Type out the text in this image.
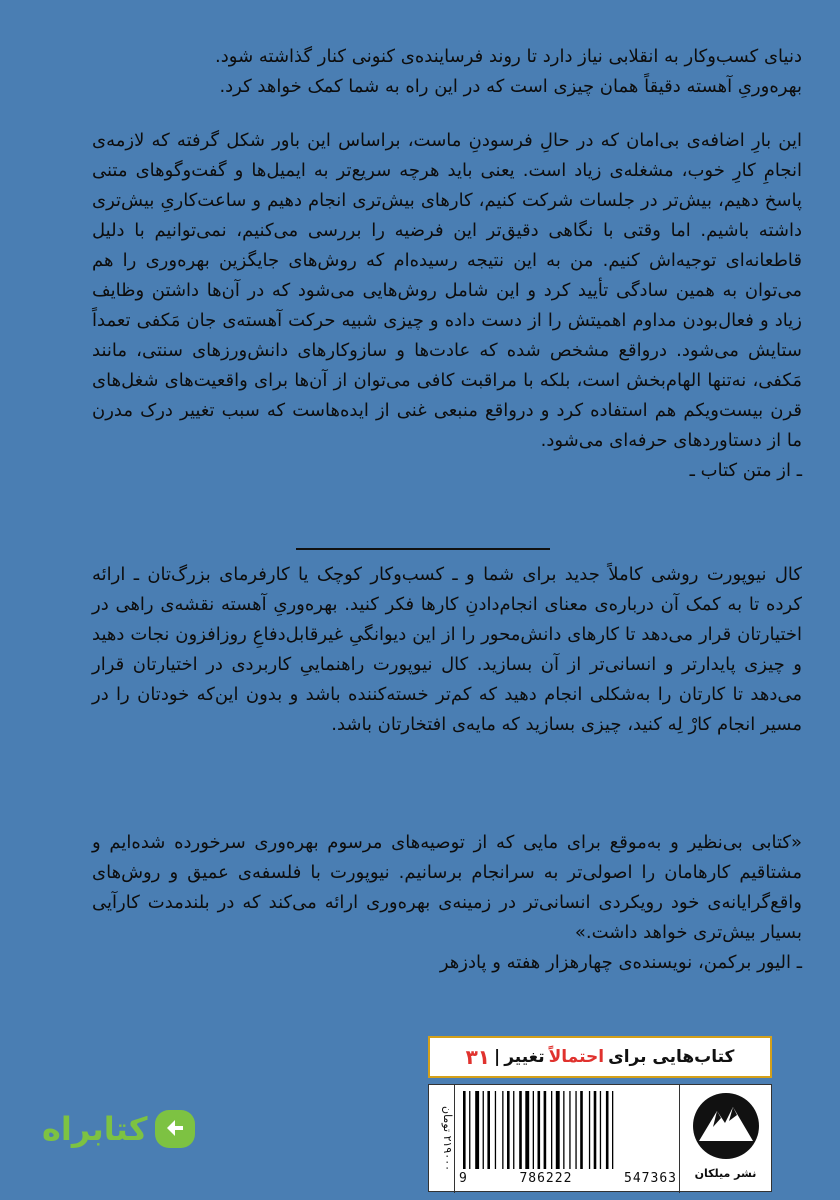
دنیای کسب‌وکار به انقلابی نیاز دارد تا روند فرساینده‌ی کنونی کنار گذاشته شود.
بهره‌وریِ آهسته دقیقاً همان چیزی است که در این راه به شما کمک خواهد کرد.
این بارِ اضافه‌ی بی‌امان که در حالِ فرسودنِ ماست، براساس این باور شکل گرفته که لازمه‌ی انجامِ کارِ خوب، مشغله‌ی زیاد است. یعنی باید هرچه سریع‌تر به ایمیل‌ها و گفت‌وگوهای متنی پاسخ دهیم، بیش‌تر در جلسات شرکت کنیم، کارهای بیش‌تری انجام دهیم و ساعت‌کاریِ بیش‌تری داشته باشیم. اما وقتی با نگاهی دقیق‌تر این فرضیه را بررسی می‌کنیم، نمی‌توانیم با دلیل قاطعانه‌ای توجیه‌اش کنیم. من به این نتیجه رسیده‌ام که روش‌های جایگزین بهره‌وری را هم می‌توان به همین سادگی تأیید کرد و این شامل روش‌هایی می‌شود که در آن‌ها داشتن وظایف زیاد و فعال‌بودن مداوم اهمیتش را از دست داده و چیزی شبیه حرکت آهسته‌ی جان مَکفی تعمداً ستایش می‌شود. درواقع مشخص شده که عادت‌ها و سازوکارهای دانش‌ورزهای سنتی، مانند مَکفی، نه‌تنها الهام‌بخش است، بلکه با مراقبت کافی می‌توان از آن‌ها برای واقعیت‌های شغل‌های قرن بیست‌ویکم هم استفاده کرد و درواقع منبعی غنی از ایده‌هاست که سبب تغییر درک مدرن ما از دستاوردهای حرفه‌ای می‌شود.
ـ از متن کتاب ـ
کال نیوپورت روشی کاملاً جدید برای شما و ـ کسب‌وکار کوچک یا کارفرمای بزرگ‌تان ـ ارائه کرده تا به کمک آن درباره‌ی معنای انجام‌دادنِ کارها فکر کنید. بهره‌وریِ آهسته نقشه‌ی راهی در اختیارتان قرار می‌دهد تا کارهای دانش‌محور را از این دیوانگیِ غیرقابل‌دفاعِ روزافزون نجات دهید و چیزی پایدارتر و انسانی‌تر از آن بسازید. کال نیوپورت راهنماییِ کاربردی در اختیارتان قرار می‌دهد تا کارتان را به‌شکلی انجام دهید که کم‌تر خسته‌کننده باشد و بدون این‌که خودتان را در مسیر انجام کارْ لِه کنید، چیزی بسازید که مایه‌ی افتخارتان باشد.
«کتابی بی‌نظیر و به‌موقع برای مایی که از توصیه‌های مرسوم بهره‌وری سرخورده شده‌ایم و مشتاقیم کارهامان را اصولی‌تر به سرانجام برسانیم. نیوپورت با فلسفه‌ی عمیق و روش‌های واقع‌گرایانه‌ی خود رویکردی انسانی‌تر در زمینه‌ی بهره‌وری ارائه می‌کند که در بلندمدت کارآیی بسیار بیش‌تری خواهد داشت.»
ـ الیور برکمن، نویسنده‌ی چهارهزار هفته و پادزهر
کتاب‌هایی برای
احتمالاً
تغییر
|
۳۱
۲۱۹۰۰۰ تومان
9	786222	547363	نشر میلکان
کتابراه
